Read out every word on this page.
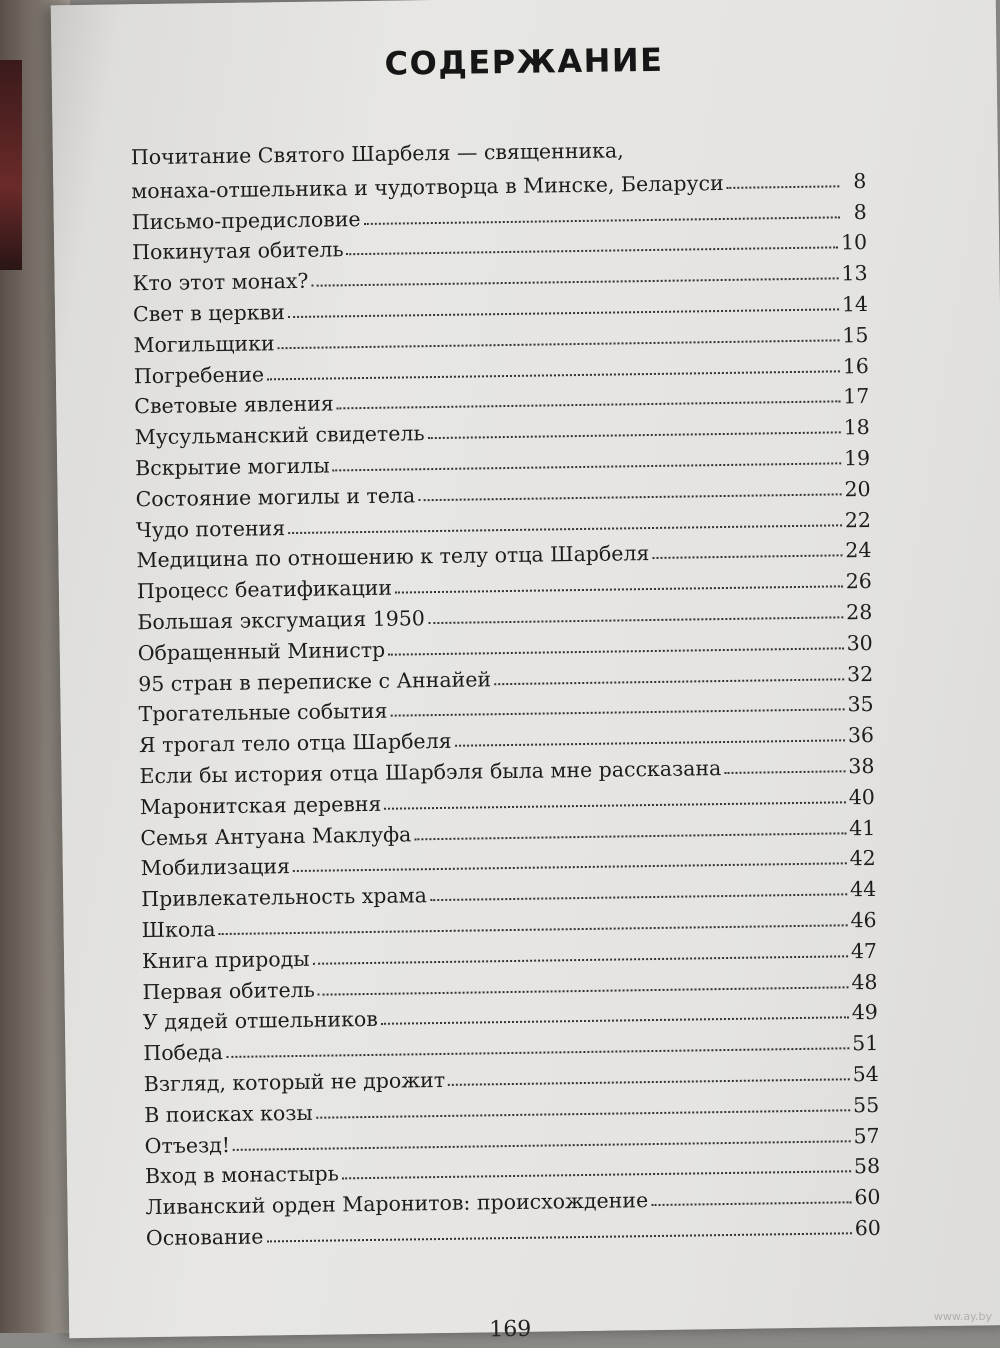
СОДЕРЖАНИЕ
Почитание Святого Шарбеля — священника,
монаха-отшельника и чудотворца в Минске, Беларуси	8
Письмо-предисловие	8
Покинутая обитель	10
Кто этот монах?	13
Свет в церкви	14
Могильщики	15
Погребение	16
Световые явления	17
Мусульманский свидетель	18
Вскрытие могилы	19
Состояние могилы и тела	20
Чудо потения	22
Медицина по отношению к телу отца Шарбеля	24
Процесс беатификации	26
Большая эксгумация 1950	28
Обращенный Министр	30
95 стран в переписке с Аннайей	32
Трогательные события	35
Я трогал тело отца Шарбеля	36
Если бы история отца Шарбэля была мне рассказана	38
Маронитская деревня	40
Семья Антуана Маклуфа	41
Мобилизация	42
Привлекательность храма	44
Школа	46
Книга природы	47
Первая обитель	48
У дядей отшельников	49
Победа	51
Взгляд, который не дрожит	54
В поисках козы	55
Отъезд!	57
Вход в монастырь	58
Ливанский орден Маронитов: происхождение	60
Основание	60
169
www.ay.by
